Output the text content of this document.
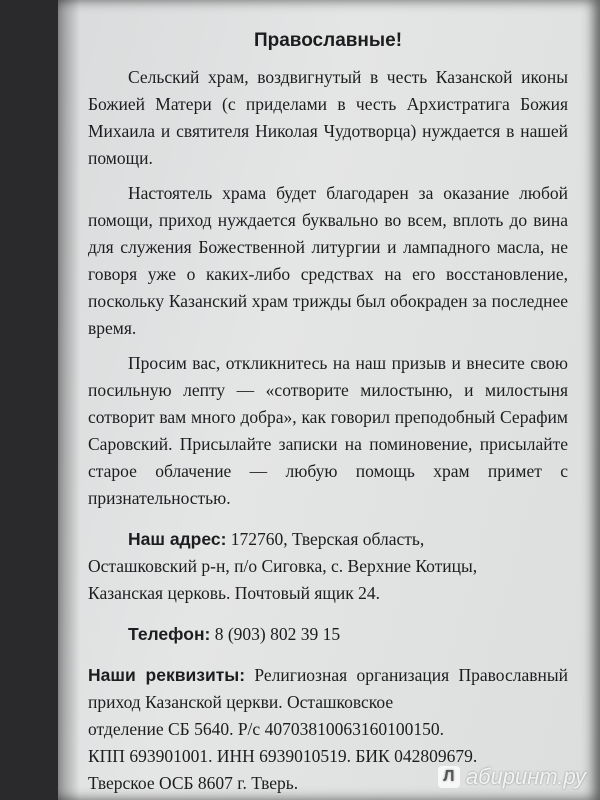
Православные!

Сельский храм, воздвигнутый в честь Казанской иконы Божией Матери (с приделами в честь Архистратига Божия Михаила и святителя Николая Чудотворца) нуждается в нашей помощи.

Настоятель храма будет благодарен за оказание любой помощи, приход нуждается буквально во всем, вплоть до вина для служения Божественной литургии и лампадного масла, не говоря уже о каких-либо средствах на его восстановление, поскольку Казанский храм трижды был обокраден за последнее время.

Просим вас, откликнитесь на наш призыв и внесите свою посильную лепту — «сотворите милостыню, и милостыня сотворит вам много добра», как говорил преподобный Серафим Саровский. Присылайте записки на поминовение, присылайте старое облачение — любую помощь храм примет с признательностью.

Наш адрес: 172760, Тверская область,

Осташковский р-н, п/о Сиговка, с. Верхние Котицы,

Казанская церковь. Почтовый ящик 24.

Телефон: 8 (903) 802 39 15

Наши реквизиты: Религиозная организация Православный приход Казанской церкви. Осташковское

отделение СБ 5640. Р/с 40703810063160100150.

КПП 693901001. ИНН 6939010519. БИК 042809679.

Тверское ОСБ 8607 г. Тверь.	Л абиринт.ру
